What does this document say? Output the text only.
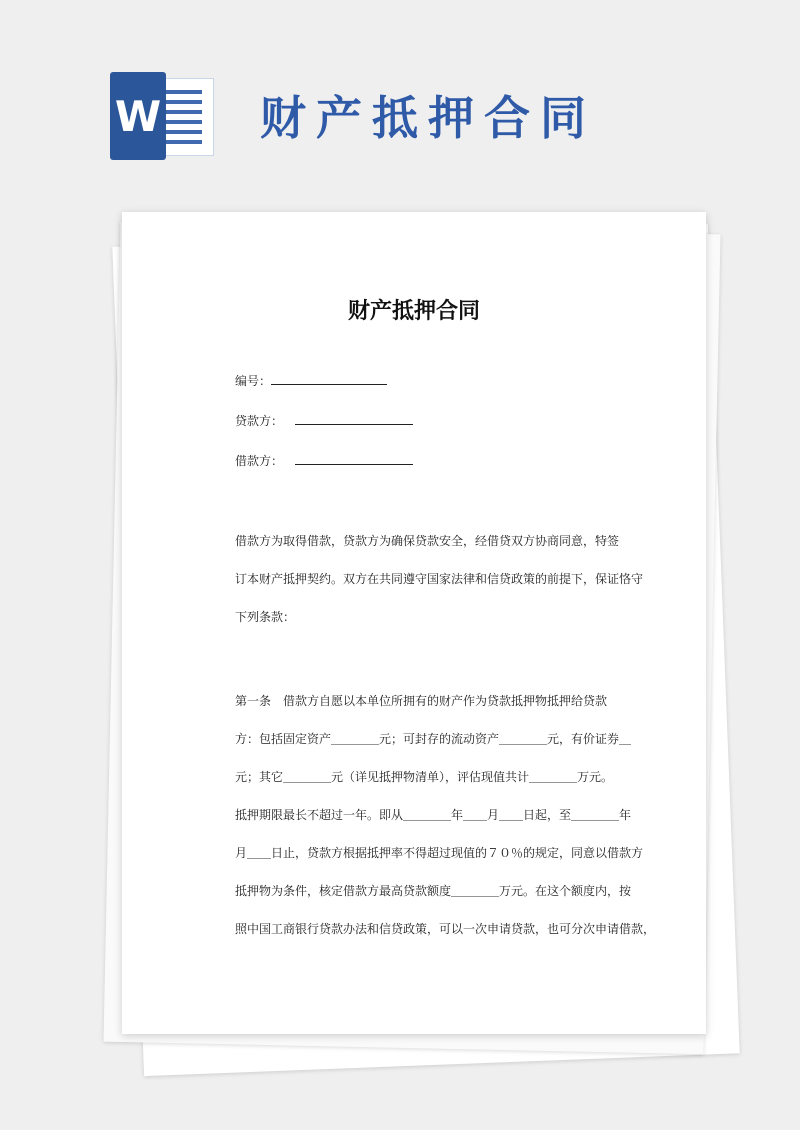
W 财产抵押合同
财产抵押合同
编号：
贷款方：
借款方：

借款方为取得借款，贷款方为确保贷款安全，经借贷双方协商同意，特签

订本财产抵押契约。双方在共同遵守国家法律和信贷政策的前提下，保证恪守

下列条款：

第一条　借款方自愿以本单位所拥有的财产作为贷款抵押物抵押给贷款

方：包括固定资产＿＿＿＿元；可封存的流动资产＿＿＿＿元，有价证券＿

元；其它＿＿＿＿元（详见抵押物清单），评估现值共计＿＿＿＿万元。

抵押期限最长不超过一年。即从＿＿＿＿年＿＿月＿＿日起，至＿＿＿＿年

月＿＿日止，贷款方根据抵押率不得超过现值的７０％的规定，同意以借款方

抵押物为条件，核定借款方最高贷款额度＿＿＿＿万元。在这个额度内，按

照中国工商银行贷款办法和信贷政策，可以一次申请贷款，也可分次申请借款，
